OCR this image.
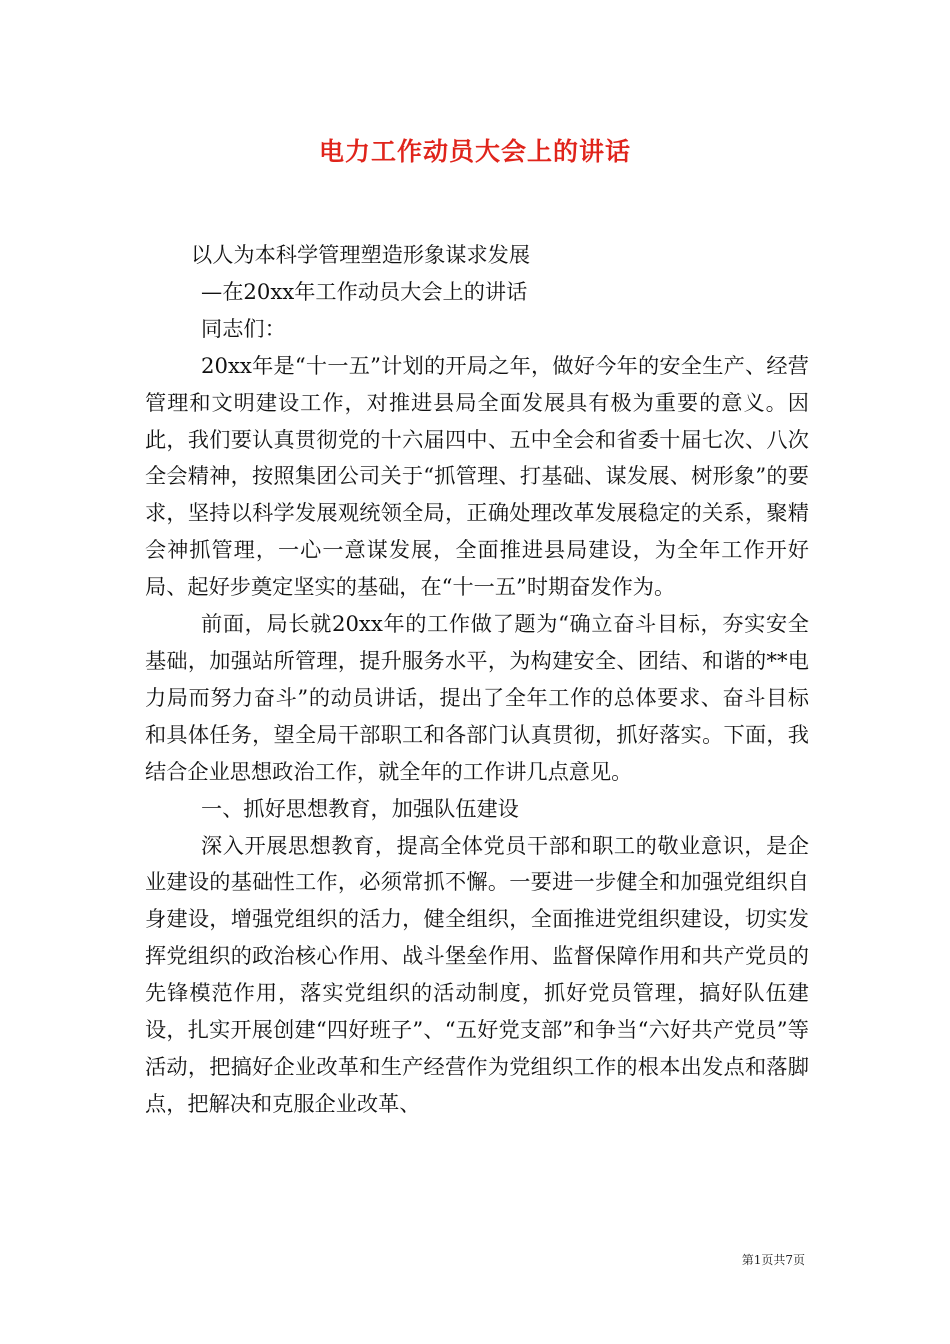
电力工作动员大会上的讲话

以人为本科学管理塑造形象谋求发展

—在20xx年工作动员大会上的讲话

同志们：

20xx年是“十一五”计划的开局之年，做好今年的安全生产、经营管理和文明建设工作，对推进县局全面发展具有极为重要的意义。因此，我们要认真贯彻党的十六届四中、五中全会和省委十届七次、八次全会精神，按照集团公司关于“抓管理、打基础、谋发展、树形象”的要求，坚持以科学发展观统领全局，正确处理改革发展稳定的关系，聚精会神抓管理，一心一意谋发展，全面推进县局建设，为全年工作开好局、起好步奠定坚实的基础，在“十一五”时期奋发作为。

前面，局长就20xx年的工作做了题为“确立奋斗目标，夯实安全基础，加强站所管理，提升服务水平，为构建安全、团结、和谐的**电力局而努力奋斗”的动员讲话，提出了全年工作的总体要求、奋斗目标和具体任务，望全局干部职工和各部门认真贯彻，抓好落实。下面，我结合企业思想政治工作，就全年的工作讲几点意见。

一、抓好思想教育，加强队伍建设

深入开展思想教育，提高全体党员干部和职工的敬业意识，是企业建设的基础性工作，必须常抓不懈。一要进一步健全和加强党组织自身建设，增强党组织的活力，健全组织，全面推进党组织建设，切实发挥党组织的政治核心作用、战斗堡垒作用、监督保障作用和共产党员的先锋模范作用，落实党组织的活动制度，抓好党员管理，搞好队伍建设，扎实开展创建“四好班子”、“五好党支部”和争当“六好共产党员”等活动，把搞好企业改革和生产经营作为党组织工作的根本出发点和落脚点，把解决和克服企业改革、

第1页共7页
